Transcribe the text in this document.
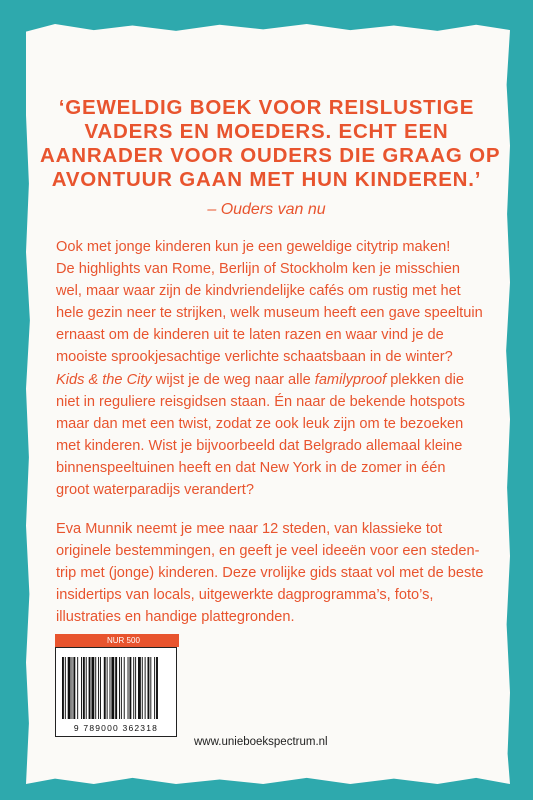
‘GEWELDIG BOEK VOOR REISLUSTIGE
VADERS EN MOEDERS. ECHT EEN
AANRADER VOOR OUDERS DIE GRAAG OP
AVONTUUR GAAN MET HUN KINDEREN.’
– Ouders van nu
Ook met jonge kinderen kun je een geweldige citytrip maken!
De highlights van Rome, Berlijn of Stockholm ken je misschien
wel, maar waar zijn de kindvriendelijke cafés om rustig met het
hele gezin neer te strijken, welk museum heeft een gave speeltuin
ernaast om de kinderen uit te laten razen en waar vind je de
mooiste sprookjesachtige verlichte schaatsbaan in de winter?
Kids & the City wijst je de weg naar alle familyproof plekken die
niet in reguliere reisgidsen staan. Én naar de bekende hotspots
maar dan met een twist, zodat ze ook leuk zijn om te bezoeken
met kinderen. Wist je bijvoorbeeld dat Belgrado allemaal kleine
binnenspeeltuinen heeft en dat New York in de zomer in één
groot waterparadijs verandert?
Eva Munnik neemt je mee naar 12 steden, van klassieke tot
originele bestemmingen, en geeft je veel ideeën voor een steden-
trip met (jonge) kinderen. Deze vrolijke gids staat vol met de beste
insidertips van locals, uitgewerkte dagprogramma’s, foto’s,
illustraties en handige plattegronden.
NUR 500
9 789000 362318
www.unieboekspectrum.nl
